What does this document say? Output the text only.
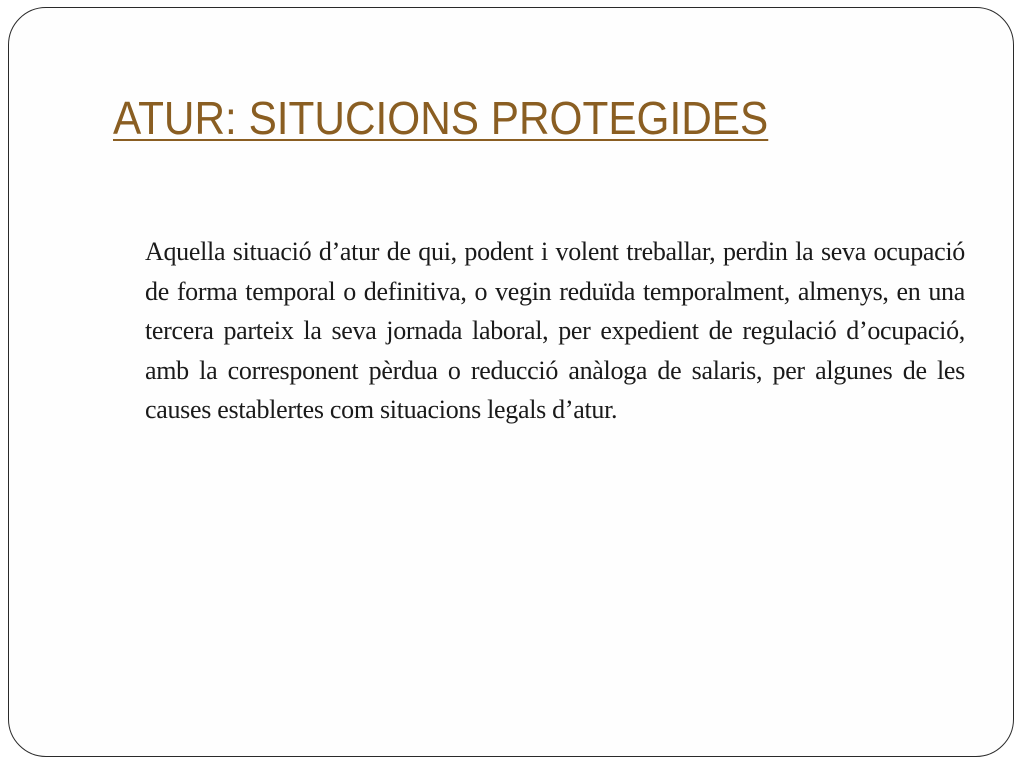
ATUR: SITUCIONS PROTEGIDES

Aquella situació d’atur de qui, podent i volent treballar, perdin la seva ocupació de forma temporal o definitiva, o vegin reduïda temporalment, almenys, en una tercera parteix la seva jornada laboral, per expedient de regulació d’ocupació, amb la corresponent pèrdua o reducció anàloga de salaris, per algunes de les causes establertes com situacions legals d’atur.
